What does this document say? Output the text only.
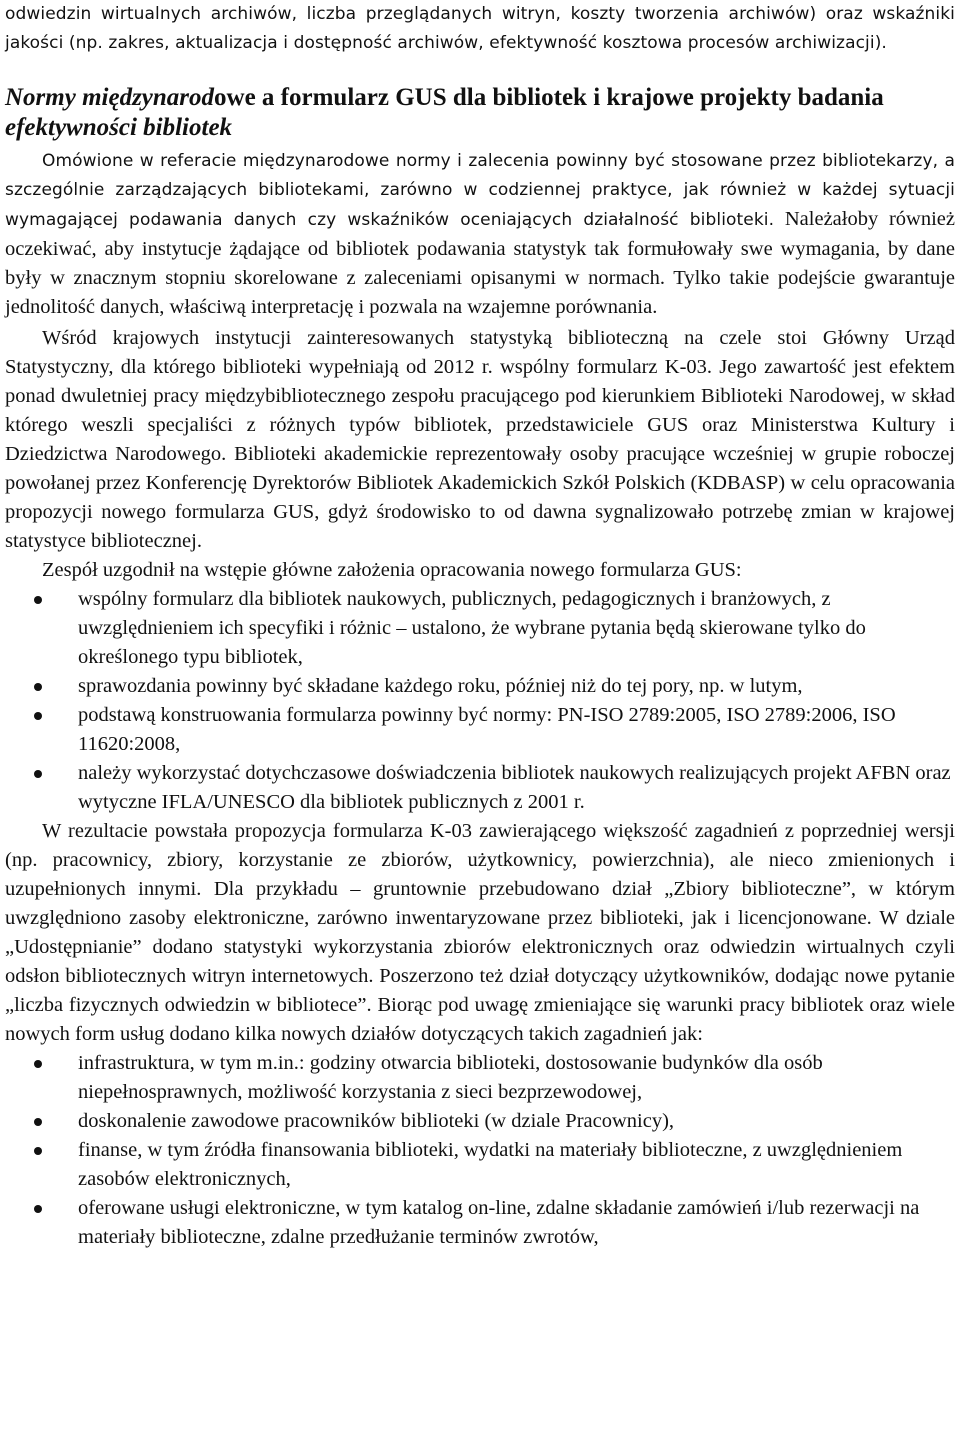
odwiedzin wirtualnych archiwów, liczba przeglądanych witryn, koszty tworzenia archiwów) oraz wskaźniki jakości (np. zakres, aktualizacja i dostępność archiwów, efektywność kosztowa procesów archiwizacji).

Normy międzynarodowe a formularz GUS dla bibliotek i krajowe projekty badania efektywności bibliotek

Omówione w referacie międzynarodowe normy i zalecenia powinny być stosowane przez bibliotekarzy, a szczególnie zarządzających bibliotekami, zarówno w codziennej praktyce, jak również w każdej sytuacji wymagającej podawania danych czy wskaźników oceniających działalność biblioteki. Należałoby również oczekiwać, aby instytucje żądające od bibliotek podawania statystyk tak formułowały swe wymagania, by dane były w znacznym stopniu skorelowane z zaleceniami opisanymi w normach. Tylko takie podejście gwarantuje jednolitość danych, właściwą interpretację i pozwala na wzajemne porównania.

Wśród krajowych instytucji zainteresowanych statystyką biblioteczną na czele stoi Główny Urząd Statystyczny, dla którego biblioteki wypełniają od 2012 r. wspólny formularz K-03. Jego zawartość jest efektem ponad dwuletniej pracy międzybibliotecznego zespołu pracującego pod kierunkiem Biblioteki Narodowej, w skład którego weszli specjaliści z różnych typów bibliotek, przedstawiciele GUS oraz Ministerstwa Kultury i Dziedzictwa Narodowego. Biblioteki akademickie reprezentowały osoby pracujące wcześniej w grupie roboczej powołanej przez Konferencję Dyrektorów Bibliotek Akademickich Szkół Polskich (KDBASP) w celu opracowania propozycji nowego formularza GUS, gdyż środowisko to od dawna sygnalizowało potrzebę zmian w krajowej statystyce bibliotecznej.

Zespół uzgodnił na wstępie główne założenia opracowania nowego formularza GUS:

wspólny formularz dla bibliotek naukowych, publicznych, pedagogicznych i branżowych, z uwzględnieniem ich specyfiki i różnic – ustalono, że wybrane pytania będą skierowane tylko do określonego typu bibliotek,
sprawozdania powinny być składane każdego roku, później niż do tej pory, np. w lutym,
podstawą konstruowania formularza powinny być normy: PN-ISO 2789:2005, ISO 2789:2006, ISO 11620:2008,
należy wykorzystać dotychczasowe doświadczenia bibliotek naukowych realizujących projekt AFBN oraz wytyczne IFLA/UNESCO dla bibliotek publicznych z 2001 r.

W rezultacie powstała propozycja formularza K-03 zawierającego większość zagadnień z poprzedniej wersji (np. pracownicy, zbiory, korzystanie ze zbiorów, użytkownicy, powierzchnia), ale nieco zmienionych i uzupełnionych innymi. Dla przykładu – gruntownie przebudowano dział „Zbiory biblioteczne”, w którym uwzględniono zasoby elektroniczne, zarówno inwentaryzowane przez biblioteki, jak i licencjonowane. W dziale „Udostępnianie” dodano statystyki wykorzystania zbiorów elektronicznych oraz odwiedzin wirtualnych czyli odsłon bibliotecznych witryn internetowych. Poszerzono też dział dotyczący użytkowników, dodając nowe pytanie „liczba fizycznych odwiedzin w bibliotece”. Biorąc pod uwagę zmieniające się warunki pracy bibliotek oraz wiele nowych form usług dodano kilka nowych działów dotyczących takich zagadnień jak:

infrastruktura, w tym m.in.: godziny otwarcia biblioteki, dostosowanie budynków dla osób niepełnosprawnych, możliwość korzystania z sieci bezprzewodowej,
doskonalenie zawodowe pracowników biblioteki (w dziale Pracownicy),
finanse, w tym źródła finansowania biblioteki, wydatki na materiały biblioteczne, z uwzględnieniem zasobów elektronicznych,
oferowane usługi elektroniczne, w tym katalog on-line, zdalne składanie zamówień i/lub rezerwacji na materiały biblioteczne, zdalne przedłużanie terminów zwrotów,
